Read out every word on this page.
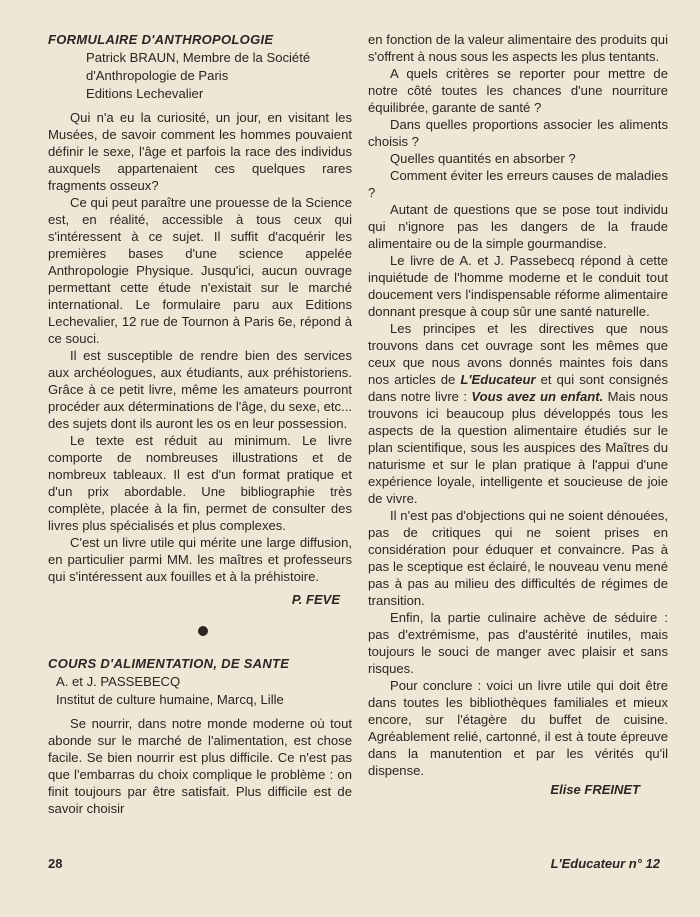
FORMULAIRE D'ANTHROPOLOGIE
Patrick BRAUN, Membre de la Société
d'Anthropologie de Paris
Editions Lechevalier

Qui n'a eu la curiosité, un jour, en visitant les Musées, de savoir comment les hommes pouvaient définir le sexe, l'âge et parfois la race des individus auxquels appartenaient ces quelques rares fragments osseux?

Ce qui peut paraître une prouesse de la Science est, en réalité, accessible à tous ceux qui s'intéressent à ce sujet. Il suffit d'acquérir les premières bases d'une science appelée Anthropologie Physique. Jusqu'ici, aucun ouvrage permettant cette étude n'existait sur le marché international. Le formulaire paru aux Editions Lechevalier, 12 rue de Tournon à Paris 6e, répond à ce souci.

Il est susceptible de rendre bien des services aux archéologues, aux étudiants, aux préhistoriens. Grâce à ce petit livre, même les amateurs pourront procéder aux déterminations de l'âge, du sexe, etc... des sujets dont ils auront les os en leur possession.

Le texte est réduit au minimum. Le livre comporte de nombreuses illustrations et de nombreux tableaux. Il est d'un format pratique et d'un prix abordable. Une bibliographie très complète, placée à la fin, permet de consulter des livres plus spécialisés et plus complexes.

C'est un livre utile qui mérite une large diffusion, en particulier parmi MM. les maîtres et professeurs qui s'intéressent aux fouilles et à la préhistoire.

P. FEVE
COURS D'ALIMENTATION, DE SANTE
A. et J. PASSEBECQ
Institut de culture humaine, Marcq, Lille

Se nourrir, dans notre monde moderne où tout abonde sur le marché de l'alimentation, est chose facile. Se bien nourrir est plus difficile. Ce n'est pas que l'embarras du choix complique le problème : on finit toujours par être satisfait. Plus difficile est de savoir choisir

en fonction de la valeur alimentaire des produits qui s'offrent à nous sous les aspects les plus tentants.

A quels critères se reporter pour mettre de notre côté toutes les chances d'une nourriture équilibrée, garante de santé ?

Dans quelles proportions associer les aliments choisis ?

Quelles quantités en absorber ?

Comment éviter les erreurs causes de maladies ?

Autant de questions que se pose tout individu qui n'ignore pas les dangers de la fraude alimentaire ou de la simple gourmandise.

Le livre de A. et J. Passebecq répond à cette inquiétude de l'homme moderne et le conduit tout doucement vers l'indispensable réforme alimentaire donnant presque à coup sûr une santé naturelle.

Les principes et les directives que nous trouvons dans cet ouvrage sont les mêmes que ceux que nous avons donnés maintes fois dans nos articles de L'Educateur et qui sont consignés dans notre livre : Vous avez un enfant. Mais nous trouvons ici beaucoup plus développés tous les aspects de la question alimentaire étudiés sur le plan scientifique, sous les auspices des Maîtres du naturisme et sur le plan pratique à l'appui d'une expérience loyale, intelligente et soucieuse de joie de vivre.

Il n'est pas d'objections qui ne soient dénouées, pas de critiques qui ne soient prises en considération pour éduquer et convaincre. Pas à pas le sceptique est éclairé, le nouveau venu mené pas à pas au milieu des difficultés de régimes de transition.

Enfin, la partie culinaire achève de séduire : pas d'extrémisme, pas d'austérité inutiles, mais toujours le souci de manger avec plaisir et sans risques.

Pour conclure : voici un livre utile qui doit être dans toutes les bibliothèques familiales et mieux encore, sur l'étagère du buffet de cuisine. Agréablement relié, cartonné, il est à toute épreuve dans la manutention et par les vérités qu'il dispense.

Elise FREINET
28	L'Educateur n° 12
